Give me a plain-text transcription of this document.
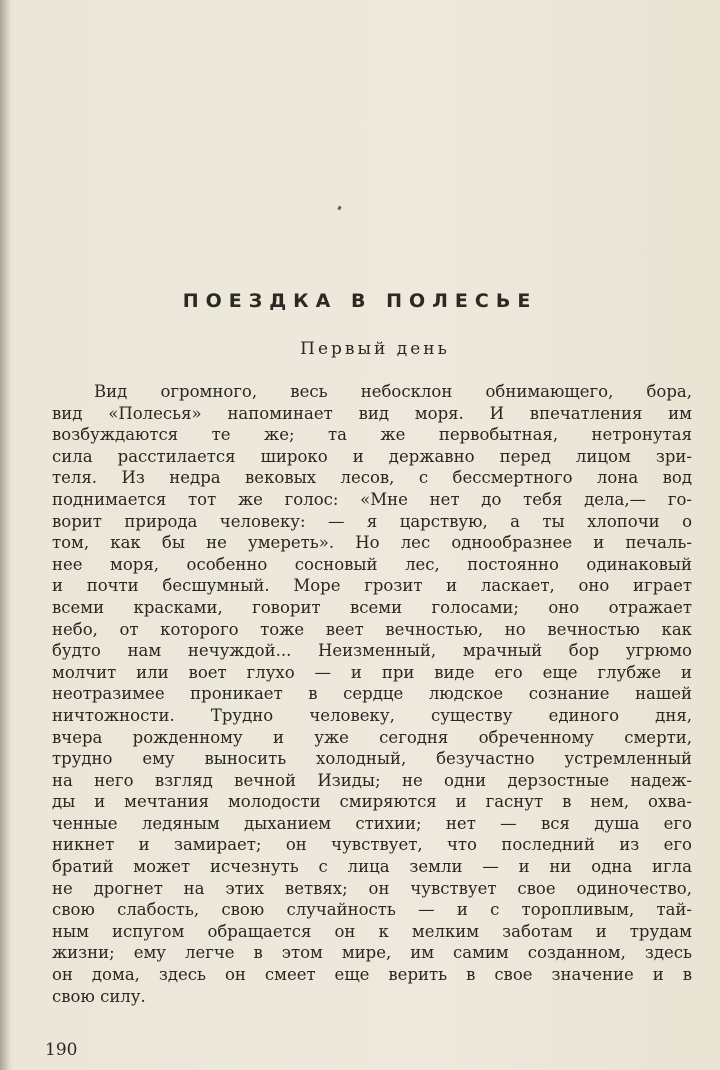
ПОЕЗДКА В ПОЛЕСЬЕ
Первый день
Вид огромного, весь небосклон обнимающего, бора,
вид «Полесья» напоминает вид моря. И впечатления им
возбуждаются те же; та же первобытная, нетронутая
сила расстилается широко и державно перед лицом зри-
теля. Из недра вековых лесов, с бессмертного лона вод
поднимается тот же голос: «Мне нет до тебя дела,— го-
ворит природа человеку: — я царствую, а ты хлопочи о
том, как бы не умереть». Но лес однообразнее и печаль-
нее моря, особенно сосновый лес, постоянно одинаковый
и почти бесшумный. Море грозит и ласкает, оно играет
всеми красками, говорит всеми голосами; оно отражает
небо, от которого тоже веет вечностью, но вечностью как
будто нам нечуждой... Неизменный, мрачный бор угрюмо
молчит или воет глухо — и при виде его еще глубже и
неотразимее проникает в сердце людское сознание нашей
ничтожности. Трудно человеку, существу единого дня,
вчера рожденному и уже сегодня обреченному смерти,
трудно ему выносить холодный, безучастно устремленный
на него взгляд вечной Изиды; не одни дерзостные надеж-
ды и мечтания молодости смиряются и гаснут в нем, охва-
ченные ледяным дыханием стихии; нет — вся душа его
никнет и замирает; он чувствует, что последний из его
братий может исчезнуть с лица земли — и ни одна игла
не дрогнет на этих ветвях; он чувствует свое одиночество,
свою слабость, свою случайность — и с торопливым, тай-
ным испугом обращается он к мелким заботам и трудам
жизни; ему легче в этом мире, им самим созданном, здесь
он дома, здесь он смеет еще верить в свое значение и в
свою силу.
190
